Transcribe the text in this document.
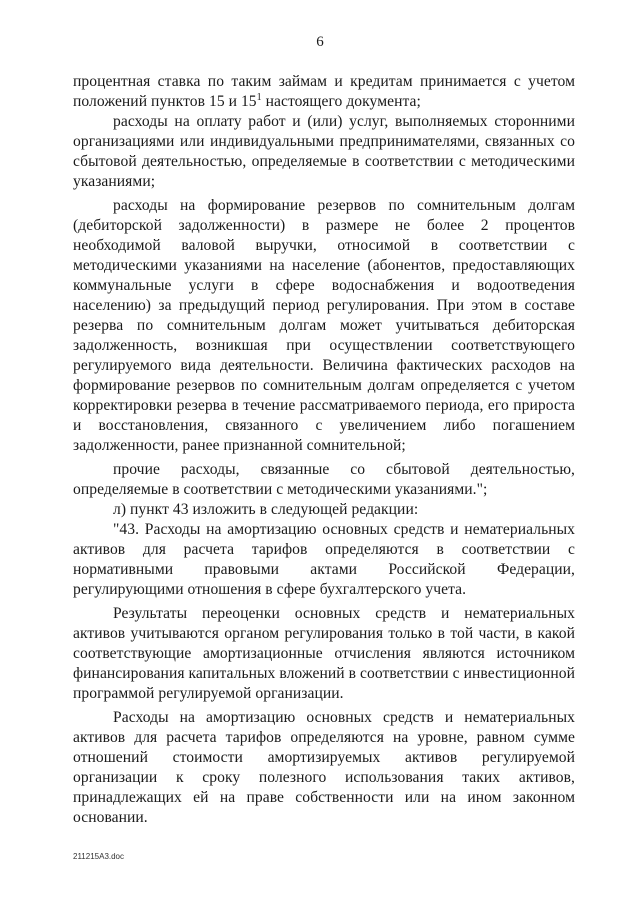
6

процентная ставка по таким займам и кредитам принимается с учетом положений пунктов 15 и $15^1$ настоящего документа;

расходы на оплату работ и (или) услуг, выполняемых сторонними организациями или индивидуальными предпринимателями, связанных со сбытовой деятельностью, определяемые в соответствии с методическими указаниями;

расходы на формирование резервов по сомнительным долгам (дебиторской задолженности) в размере не более 2 процентов необходимой валовой выручки, относимой в соответствии с методическими указаниями на население (абонентов, предоставляющих коммунальные услуги в сфере водоснабжения и водоотведения населению) за предыдущий период регулирования. При этом в составе резерва по сомнительным долгам может учитываться дебиторская задолженность, возникшая при осуществлении соответствующего регулируемого вида деятельности. Величина фактических расходов на формирование резервов по сомнительным долгам определяется с учетом корректировки резерва в течение рассматриваемого периода, его прироста и восстановления, связанного с увеличением либо погашением задолженности, ранее признанной сомнительной;

прочие расходы, связанные со сбытовой деятельностью, определяемые в соответствии с методическими указаниями.";

л) пункт 43 изложить в следующей редакции:

"43. Расходы на амортизацию основных средств и нематериальных активов для расчета тарифов определяются в соответствии с нормативными правовыми актами Российской Федерации, регулирующими отношения в сфере бухгалтерского учета.

Результаты переоценки основных средств и нематериальных активов учитываются органом регулирования только в той части, в какой соответствующие амортизационные отчисления являются источником финансирования капитальных вложений в соответствии с инвестиционной программой регулируемой организации.

Расходы на амортизацию основных средств и нематериальных активов для расчета тарифов определяются на уровне, равном сумме отношений стоимости амортизируемых активов регулируемой организации к сроку полезного использования таких активов, принадлежащих ей на праве собственности или на ином законном основании.

211215A3.doc
